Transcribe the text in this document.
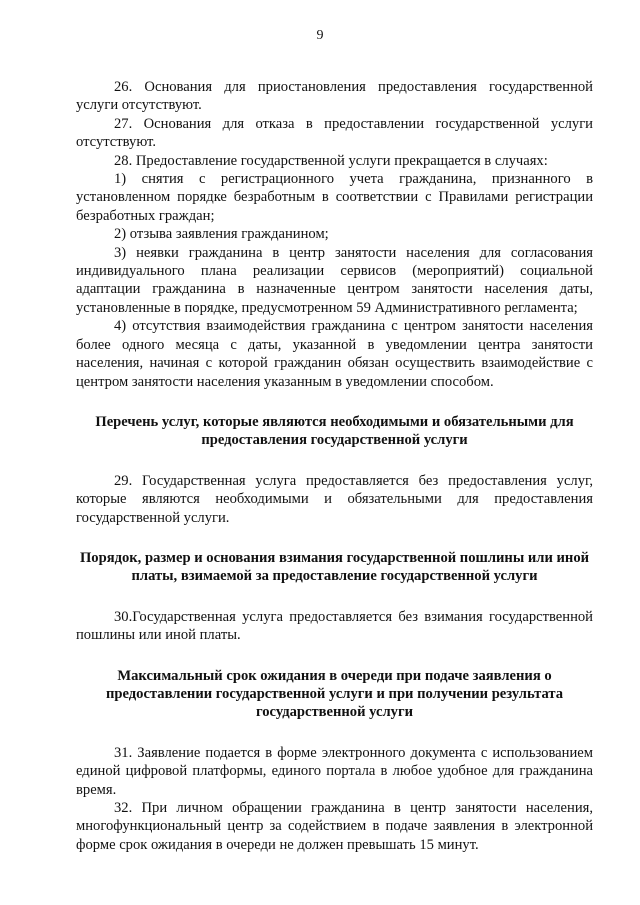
9

26. Основания для приостановления предоставления государственной услуги отсутствуют.

27. Основания для отказа в предоставлении государственной услуги отсутствуют.

28. Предоставление государственной услуги прекращается в случаях:

1) снятия с регистрационного учета гражданина, признанного в установленном порядке безработным в соответствии с Правилами регистрации безработных граждан;

2) отзыва заявления гражданином;

3) неявки гражданина в центр занятости населения для согласования индивидуального плана реализации сервисов (мероприятий) социальной адаптации гражданина в назначенные центром занятости населения даты, установленные в порядке, предусмотренном 59 Административного регламента;

4) отсутствия взаимодействия гражданина с центром занятости населения более одного месяца с даты, указанной в уведомлении центра занятости населения, начиная с которой гражданин обязан осуществить взаимодействие с центром занятости населения указанным в уведомлении способом.

Перечень услуг, которые являются необходимыми и обязательными для предоставления государственной услуги

29. Государственная услуга предоставляется без предоставления услуг, которые являются необходимыми и обязательными для предоставления государственной услуги.

Порядок, размер и основания взимания государственной пошлины или иной платы, взимаемой за предоставление государственной услуги

30.Государственная услуга предоставляется без взимания государственной пошлины или иной платы.

Максимальный срок ожидания в очереди при подаче заявления о предоставлении государственной услуги и при получении результата государственной услуги

31. Заявление подается в форме электронного документа с использованием единой цифровой платформы, единого портала в любое удобное для гражданина время.

32. При личном обращении гражданина в центр занятости населения, многофункциональный центр за содействием в подаче заявления в электронной форме срок ожидания в очереди не должен превышать 15 минут.
